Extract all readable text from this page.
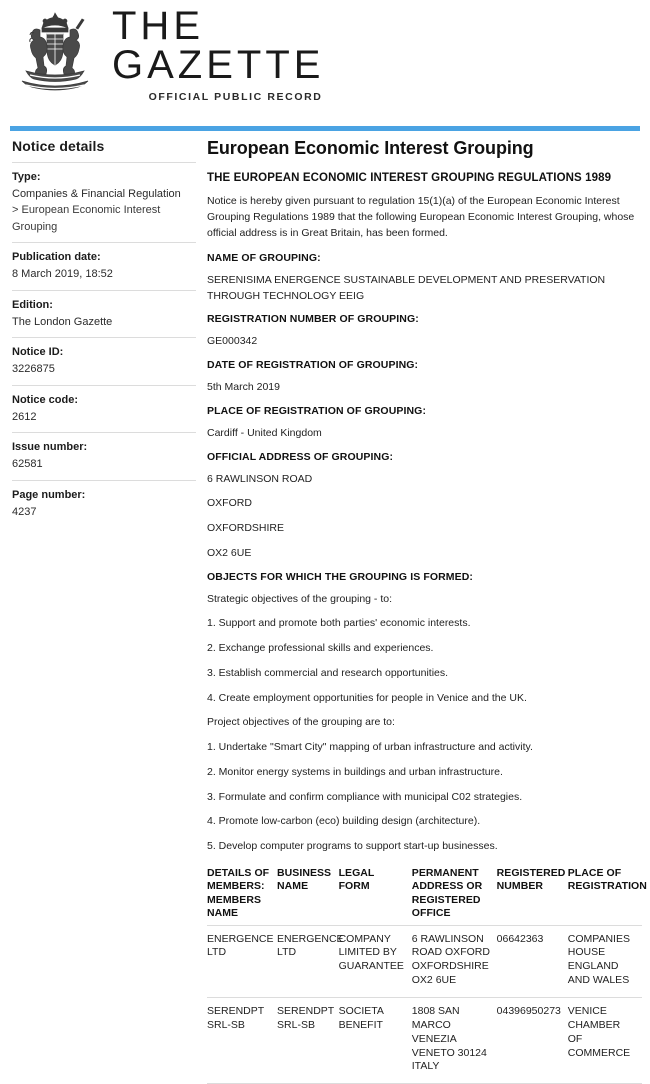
THE
GAZETTE
OFFICIAL PUBLIC RECORD
Notice details
Type:
Companies & Financial Regulation
> European Economic Interest Grouping
Publication date:
8 March 2019, 18:52
Edition:
The London Gazette
Notice ID:
3226875
Notice code:
2612
Issue number:
62581
Page number:
4237
European Economic Interest Grouping
THE EUROPEAN ECONOMIC INTEREST GROUPING REGULATIONS 1989

Notice is hereby given pursuant to regulation 15(1)(a) of the European Economic Interest Grouping Regulations 1989 that the following European Economic Interest Grouping, whose official address is in Great Britain, has been formed.

NAME OF GROUPING:
SERENISIMA ENERGENCE SUSTAINABLE DEVELOPMENT AND PRESERVATION THROUGH TECHNOLOGY EEIG
REGISTRATION NUMBER OF GROUPING:
GE000342
DATE OF REGISTRATION OF GROUPING:
5th March 2019
PLACE OF REGISTRATION OF GROUPING:
Cardiff - United Kingdom
OFFICIAL ADDRESS OF GROUPING:
6 RAWLINSON ROAD
OXFORD
OXFORDSHIRE
OX2 6UE
OBJECTS FOR WHICH THE GROUPING IS FORMED:
Strategic objectives of the grouping - to:
1. Support and promote both parties' economic interests.
2. Exchange professional skills and experiences.
3. Establish commercial and research opportunities.
4. Create employment opportunities for people in Venice and the UK.
Project objectives of the grouping are to:
1. Undertake "Smart City" mapping of urban infrastructure and activity.
2. Monitor energy systems in buildings and urban infrastructure.
3. Formulate and confirm compliance with municipal C02 strategies.
4. Promote low-carbon (eco) building design (architecture).
5. Develop computer programs to support start-up businesses.
DETAILS OF MEMBERS: MEMBERS NAME	BUSINESS NAME	LEGAL FORM	PERMANENT ADDRESS OR REGISTERED OFFICE	REGISTERED NUMBER	PLACE OF REGISTRATION
ENERGENCE LTD	ENERGENCE LTD	COMPANY LIMITED BY GUARANTEE	6 RAWLINSON ROAD OXFORD OXFORDSHIRE OX2 6UE	06642363	COMPANIES HOUSE ENGLAND AND WALES
SERENDPT SRL-SB	SERENDPT SRL-SB	SOCIETA BENEFIT	1808 SAN MARCO VENEZIA VENETO 30124 ITALY	04396950273	VENICE CHAMBER OF COMMERCE
